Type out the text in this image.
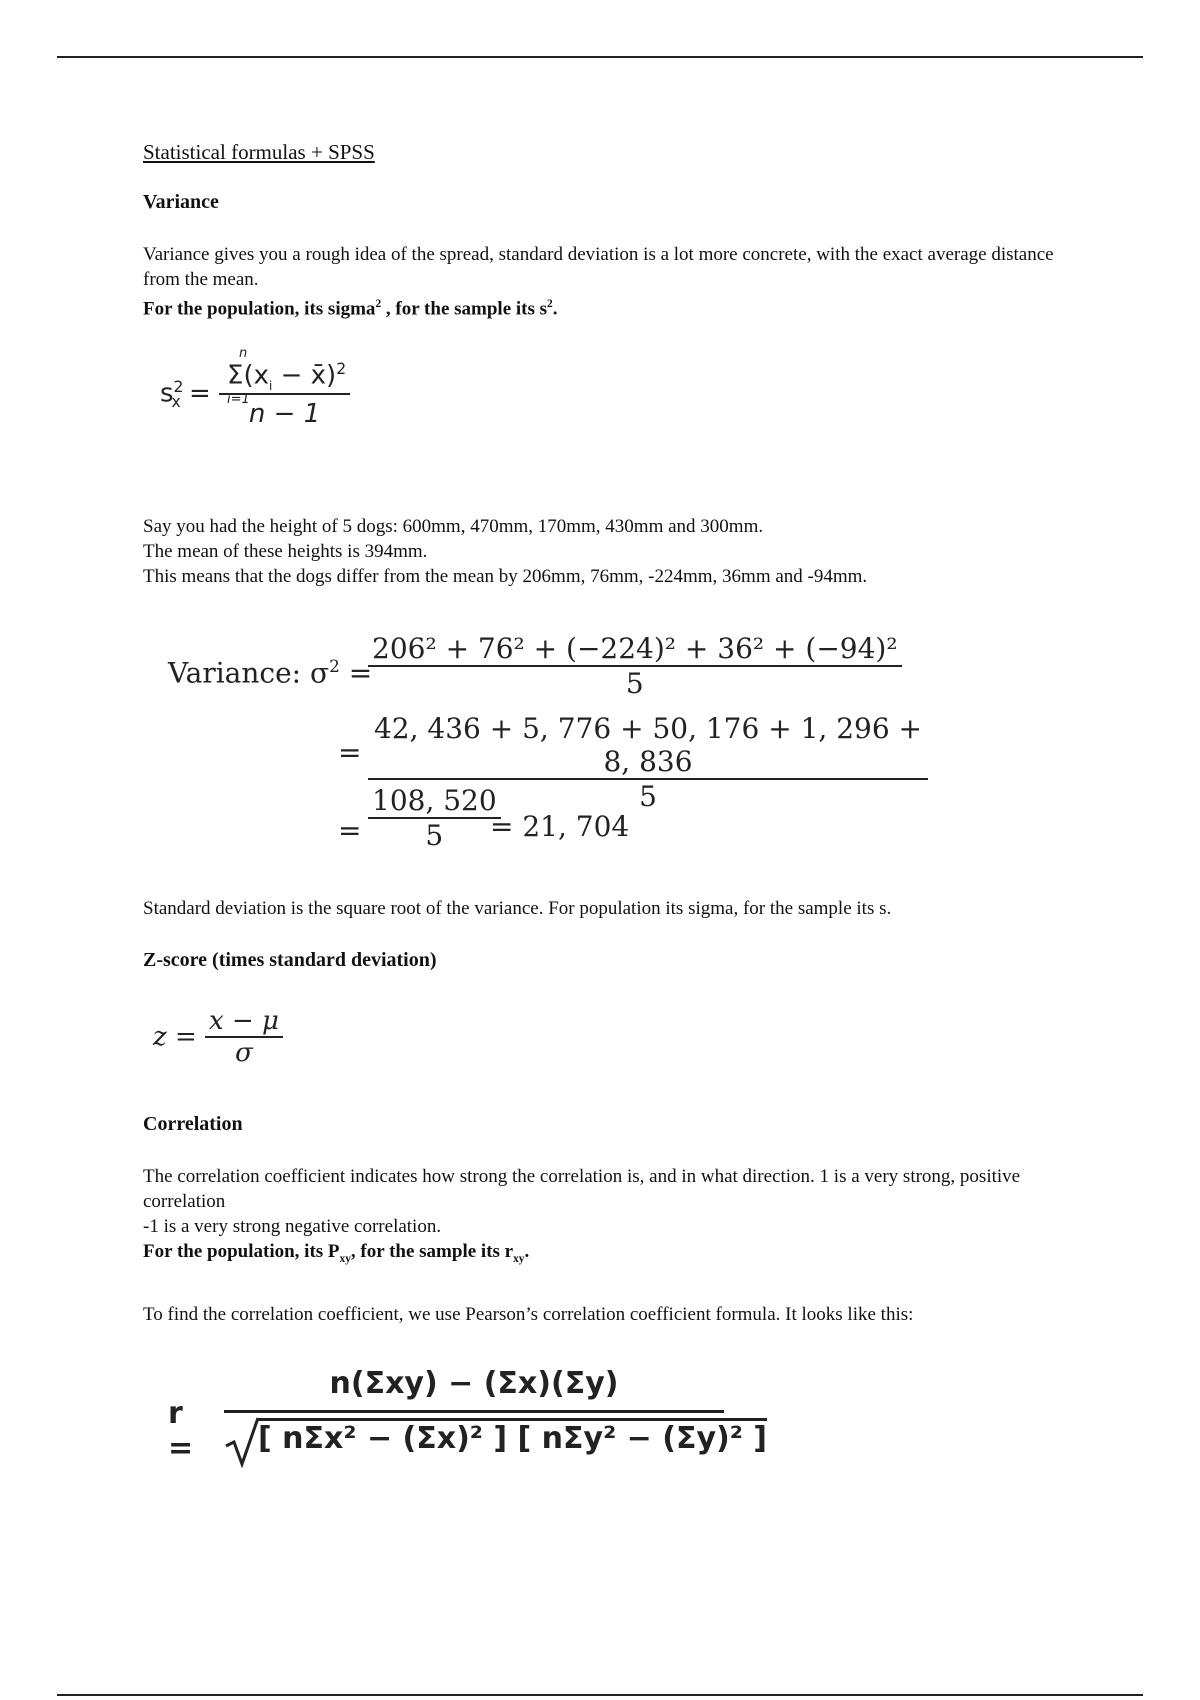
Statistical formulas + SPSS

Variance

Variance gives you a rough idea of the spread, standard deviation is a lot more concrete, with the exact average distance from the mean.

For the population, its sigma$^2$ , for the sample its $s^2$.

$s^2_x = n$
$\Sigma(x_i$ − x̄)$^2$
i=1 n − 1

Say you had the height of 5 dogs: 600mm, 470mm, 170mm, 430mm and 300mm.

The mean of these heights is 394mm.

This means that the dogs differ from the mean by 206mm, 76mm, -224mm, 36mm and -94mm.

Variance: $\sigma^2$ =
$\frac{\text{206² + 76² + (−224)² + 36² + (−94)²}}{5}$
= $\frac{42, 436 + 5, 776 + 50, 176 + 1, 296 + 8, 836}{5}$
= $\frac{108, 520}{5}$
= 21, 704

Standard deviation is the square root of the variance. For population its sigma, for the sample its s.

Z-score (times standard deviation)

$z = \frac{x - \mu}{\sigma}$

Correlation

The correlation coefficient indicates how strong the correlation is, and in what direction. 1 is a very strong, positive correlation

-1 is a very strong negative correlation.

For the population, its $P_{xy}$, for the sample its $r_{xy}$.

To find the correlation coefficient, we use Pearson’s correlation coefficient formula. It looks like this:

r =
n(Σxy) − (Σx)(Σy)
[ nΣx² − (Σx)² ] [ nΣy² − (Σy)² ]
